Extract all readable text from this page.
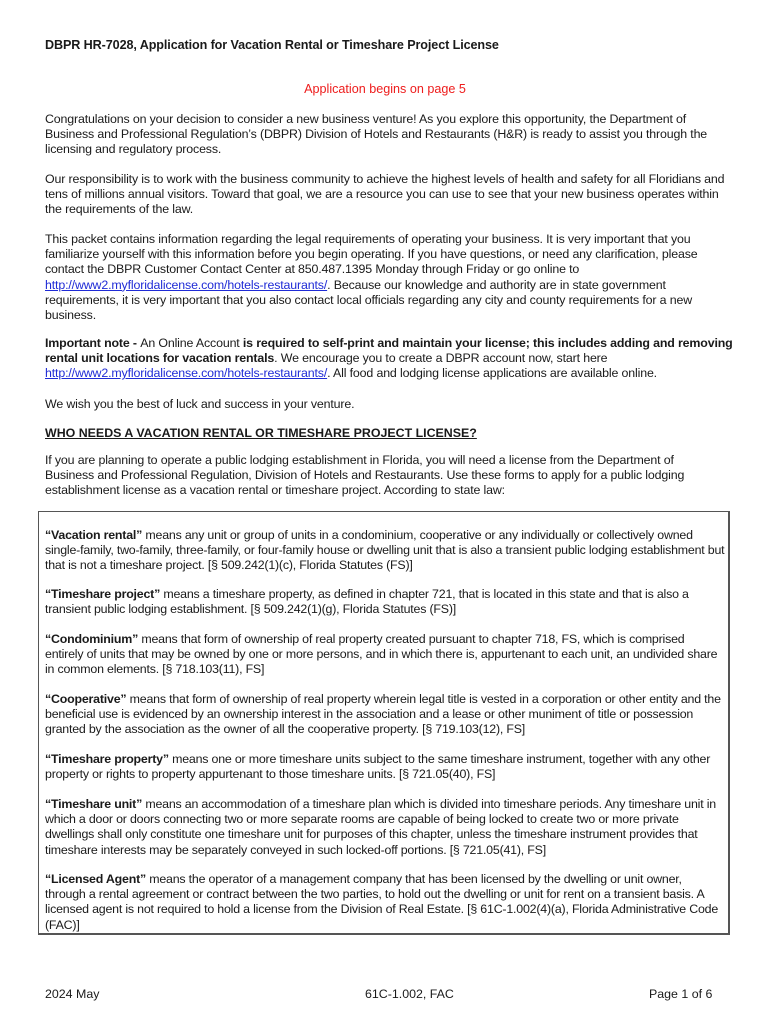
DBPR HR-7028, Application for Vacation Rental or Timeshare Project License
Application begins on page 5

Congratulations on your decision to consider a new business venture! As you explore this opportunity, the Department of Business and Professional Regulation’s (DBPR) Division of Hotels and Restaurants (H&R) is ready to assist you through the licensing and regulatory process.

Our responsibility is to work with the business community to achieve the highest levels of health and safety for all Floridians and tens of millions annual visitors. Toward that goal, we are a resource you can use to see that your new business operates within the requirements of the law.

This packet contains information regarding the legal requirements of operating your business. It is very important that you familiarize yourself with this information before you begin operating. If you have questions, or need any clarification, please contact the DBPR Customer Contact Center at 850.487.1395 Monday through Friday or go online to http://www2.myfloridalicense.com/hotels-restaurants/. Because our knowledge and authority are in state government requirements, it is very important that you also contact local officials regarding any city and county requirements for a new business.

Important note - An Online Account is required to self-print and maintain your license; this includes adding and removing rental unit locations for vacation rentals. We encourage you to create a DBPR account now, start here http://www2.myfloridalicense.com/hotels-restaurants/. All food and lodging license applications are available online.

We wish you the best of luck and success in your venture.

WHO NEEDS A VACATION RENTAL OR TIMESHARE PROJECT LICENSE?

If you are planning to operate a public lodging establishment in Florida, you will need a license from the Department of Business and Professional Regulation, Division of Hotels and Restaurants. Use these forms to apply for a public lodging establishment license as a vacation rental or timeshare project. According to state law:

“Vacation rental” means any unit or group of units in a condominium, cooperative or any individually or collectively owned single-family, two-family, three-family, or four-family house or dwelling unit that is also a transient public lodging establishment but that is not a timeshare project. [§ 509.242(1)(c), Florida Statutes (FS)]

“Timeshare project” means a timeshare property, as defined in chapter 721, that is located in this state and that is also a transient public lodging establishment. [§ 509.242(1)(g), Florida Statutes (FS)]

“Condominium” means that form of ownership of real property created pursuant to chapter 718, FS, which is comprised entirely of units that may be owned by one or more persons, and in which there is, appurtenant to each unit, an undivided share in common elements. [§ 718.103(11), FS]

“Cooperative” means that form of ownership of real property wherein legal title is vested in a corporation or other entity and the beneficial use is evidenced by an ownership interest in the association and a lease or other muniment of title or possession granted by the association as the owner of all the cooperative property. [§ 719.103(12), FS]

“Timeshare property” means one or more timeshare units subject to the same timeshare instrument, together with any other property or rights to property appurtenant to those timeshare units. [§ 721.05(40), FS]

“Timeshare unit” means an accommodation of a timeshare plan which is divided into timeshare periods. Any timeshare unit in which a door or doors connecting two or more separate rooms are capable of being locked to create two or more private dwellings shall only constitute one timeshare unit for purposes of this chapter, unless the timeshare instrument provides that timeshare interests may be separately conveyed in such locked-off portions. [§ 721.05(41), FS]

“Licensed Agent” means the operator of a management company that has been licensed by the dwelling or unit owner, through a rental agreement or contract between the two parties, to hold out the dwelling or unit for rent on a transient basis. A licensed agent is not required to hold a license from the Division of Real Estate. [§ 61C-1.002(4)(a), Florida Administrative Code (FAC)]

2024 May	61C-1.002, FAC	Page 1 of 6
